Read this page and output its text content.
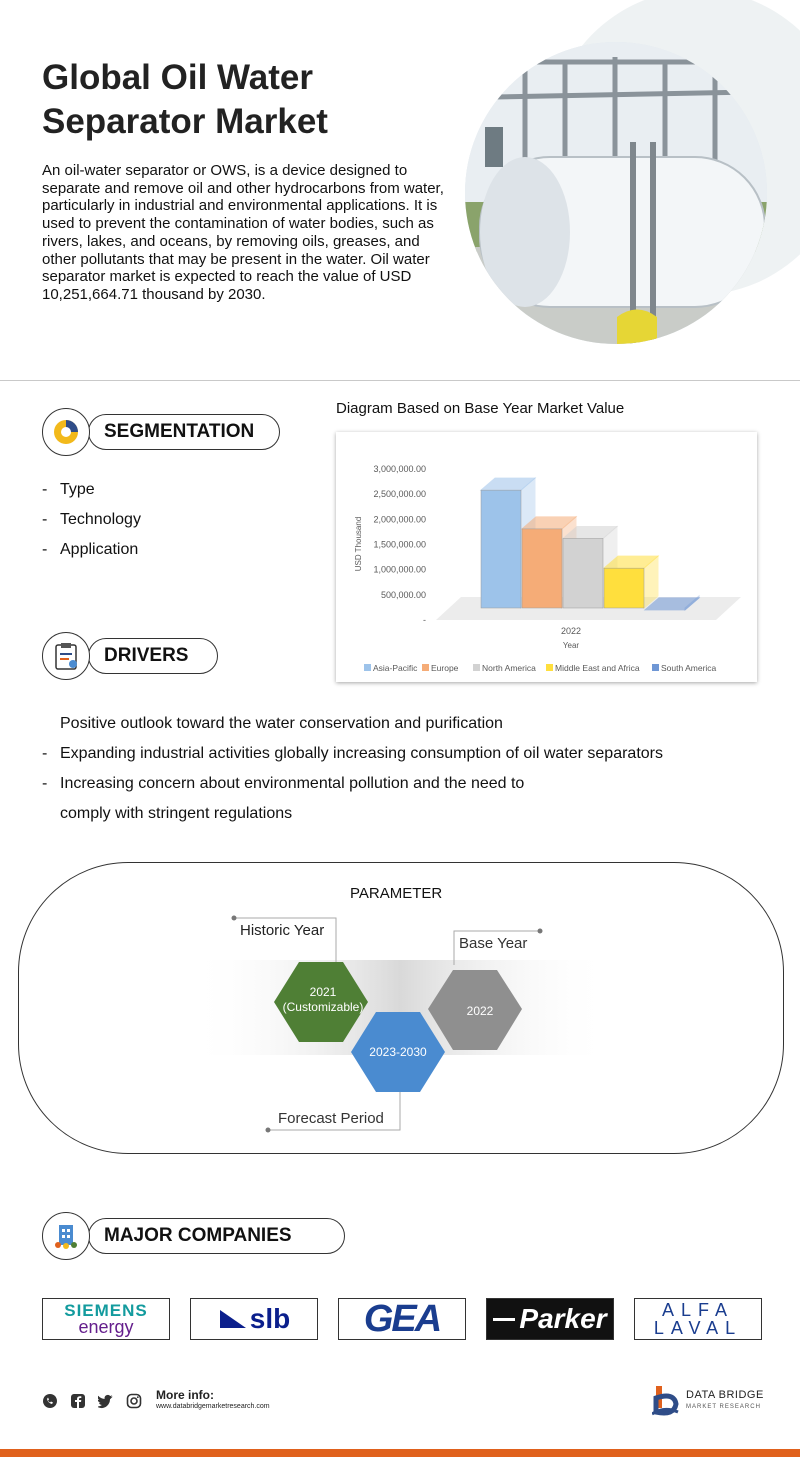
Global Oil Water
Separator Market

An oil-water separator or OWS, is a device designed to separate and remove oil and other hydrocarbons from water, particularly in industrial and environmental applications. It is used to prevent the contamination of water bodies, such as rivers, lakes, and oceans, by removing oils, greases, and other pollutants that may be present in the water. Oil water separator market is expected to reach the value of USD 10,251,664.71 thousand by 2030.

SEGMENTATION
- Type
- Technology
- Application
Diagram Based on Base Year Market Value
3,000,000.00
2,500,000.00
2,000,000.00
1,500,000.00
1,000,000.00
500,000.00
-
USD Thousand
2022
Year
Asia-Pacific Europe	North America Middle East and Africa	South America
DRIVERS
Positive outlook toward the water conservation and purification
- Expanding industrial activities globally increasing consumption of oil water separators
- Increasing concern about environmental pollution and the need to
comply with stringent regulations
PARAMETER
Historic Year
Base Year
Forecast Period
2021
(Customizable)	2022
2023-2030
MAJOR COMPANIES
SIEMENS
energy	slb GEA	Parker	ALFA
LAVAL
More info:
www.databridgemarketresearch.com
DATA BRIDGE
MARKET RESEARCH
